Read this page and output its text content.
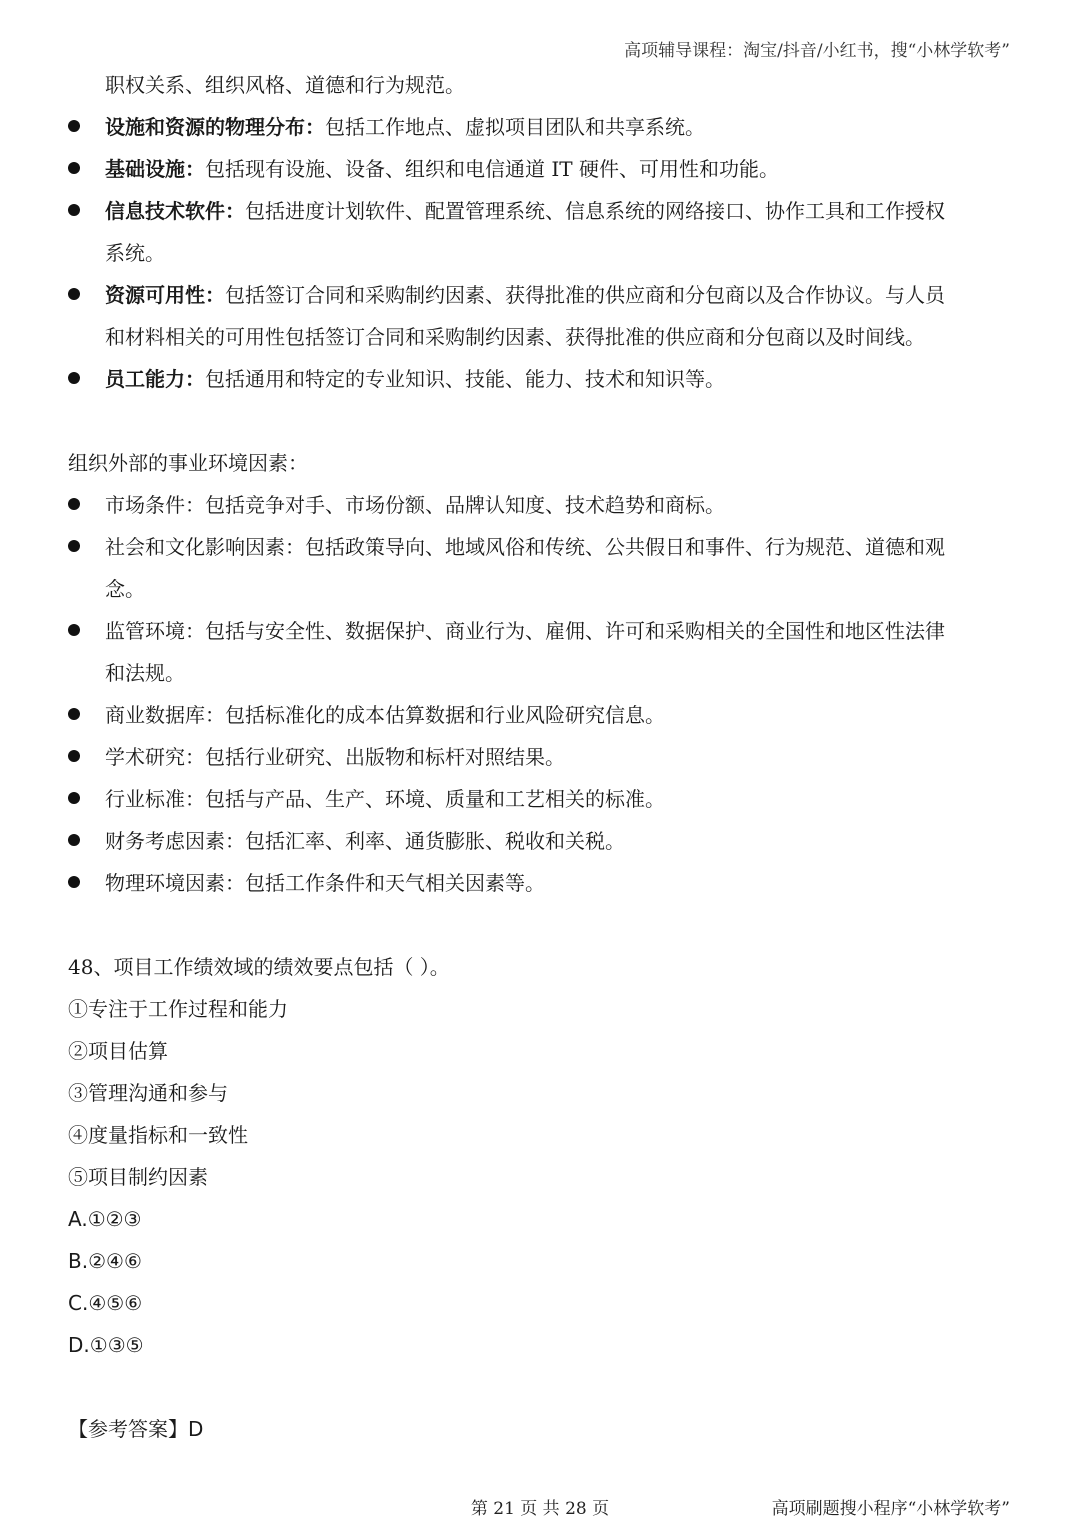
高项辅导课程：淘宝/抖音/小红书，搜“小林学软考”
职权关系、组织风格、道德和行为规范。
设施和资源的物理分布：包括工作地点、虚拟项目团队和共享系统。
基础设施：包括现有设施、设备、组织和电信通道 IT 硬件、可用性和功能。
信息技术软件：包括进度计划软件、配置管理系统、信息系统的网络接口、协作工具和工作授权
系统。
资源可用性：包括签订合同和采购制约因素、获得批准的供应商和分包商以及合作协议。与人员
和材料相关的可用性包括签订合同和采购制约因素、获得批准的供应商和分包商以及时间线。
员工能力：包括通用和特定的专业知识、技能、能力、技术和知识等。
组织外部的事业环境因素：
市场条件：包括竞争对手、市场份额、品牌认知度、技术趋势和商标。
社会和文化影响因素：包括政策导向、地域风俗和传统、公共假日和事件、行为规范、道德和观
念。
监管环境：包括与安全性、数据保护、商业行为、雇佣、许可和采购相关的全国性和地区性法律
和法规。
商业数据库：包括标准化的成本估算数据和行业风险研究信息。
学术研究：包括行业研究、出版物和标杆对照结果。
行业标准：包括与产品、生产、环境、质量和工艺相关的标准。
财务考虑因素：包括汇率、利率、通货膨胀、税收和关税。
物理环境因素：包括工作条件和天气相关因素等。
48、项目工作绩效域的绩效要点包括（ ）。
①专注于工作过程和能力
②项目估算
③管理沟通和参与
④度量指标和一致性
⑤项目制约因素
A.①②③
B.②④⑥
C.④⑤⑥
D.①③⑤
【参考答案】D
第 21 页 共 28 页	高项刷题搜小程序“小林学软考”
